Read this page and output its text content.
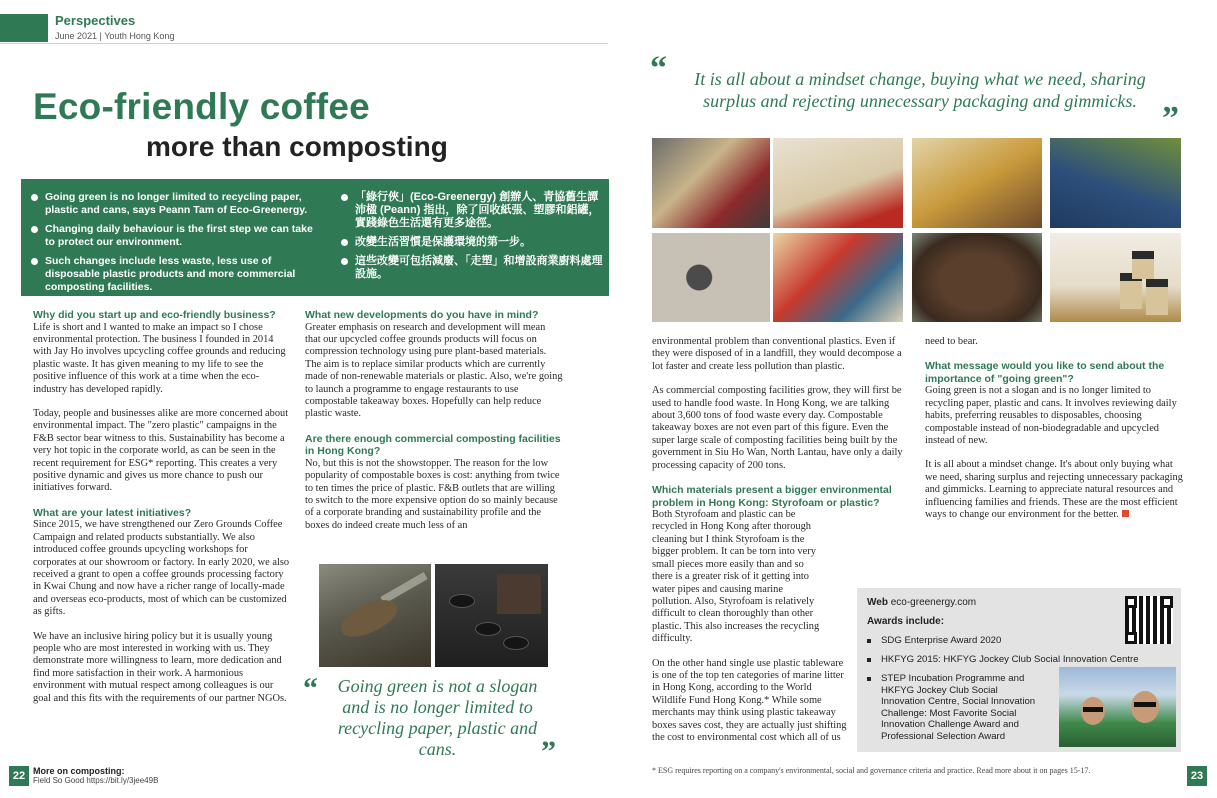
Perspectives
June 2021 | Youth Hong Kong
Eco-friendly coffee
more than composting
Going green is no longer limited to recycling paper, plastic and cans, says Peann Tam of Eco-Greenergy.
Changing daily behaviour is the first step we can take to protect our environment.
Such changes include less waste, less use of disposable plastic products and more commercial composting facilities.
「綠行俠」(Eco-Greenergy) 創辦人、青協舊生譚沛楹 (Peann) 指出，除了回收紙張、塑膠和鋁罐，實踐綠色生活還有更多途徑。
改變生活習慣是保護環境的第一步。
這些改變可包括減廢、「走塑」和增設商業廚料處理設施。
Why did you start up and eco-friendly business?

Life is short and I wanted to make an impact so I chose environmental protection. The business I founded in 2014 with Jay Ho involves upcycling coffee grounds and reducing plastic waste. It has given meaning to my life to see the positive influence of this work at a time when the eco-industry has developed rapidly.

Today, people and businesses alike are more concerned about environmental impact. The "zero plastic" campaigns in the F&B sector bear witness to this. Sustainability has become a very hot topic in the corporate world, as can be seen in the recent requirement for ESG* reporting. This creates a very positive dynamic and gives us more chance to push our initiatives forward.

What are your latest initiatives?

Since 2015, we have strengthened our Zero Grounds Coffee Campaign and related products substantially. We also introduced coffee grounds upcycling workshops for corporates at our showroom or factory. In early 2020, we also received a grant to open a coffee grounds processing factory in Kwai Chung and now have a richer range of locally-made and overseas eco-products, most of which can be customized as gifts.

We have an inclusive hiring policy but it is usually young people who are most interested in working with us. They demonstrate more willingness to learn, more dedication and find more satisfaction in their work. A harmonious environment with mutual respect among colleagues is our goal and this fits with the requirements of our partner NGOs.

What new developments do you have in mind?

Greater emphasis on research and development will mean that our upcycled coffee grounds products will focus on compression technology using pure plant-based materials. The aim is to replace similar products which are currently made of non-renewable materials or plastic. Also, we're going to launch a programme to engage restaurants to use compostable takeaway boxes. Hopefully can help reduce plastic waste.

Are there enough commercial composting facilities in Hong Kong?

No, but this is not the showstopper. The reason for the low popularity of compostable boxes is cost: anything from twice to ten times the price of plastic. F&B outlets that are willing to switch to the more expensive option do so mainly because of a corporate branding and sustainability profile and the boxes do indeed create much less of an

“	Going green is not a slogan and is no longer limited to recycling paper, plastic and cans.	”
“	It is all about a mindset change, buying what we need, sharing surplus and rejecting unnecessary packaging and gimmicks. ”

environmental problem than conventional plastics. Even if they were disposed of in a landfill, they would decompose a lot faster and create less pollution than plastic.

As commercial composting facilities grow, they will first be used to handle food waste. In Hong Kong, we are talking about 3,600 tons of food waste every day. Compostable takeaway boxes are not even part of this figure. Even the super large scale of composting facilities being built by the government in Siu Ho Wan, North Lantau, have only a daily processing capacity of 200 tons.

Which materials present a bigger environmental problem in Hong Kong: Styrofoam or plastic?

Both Styrofoam and plastic can be recycled in Hong Kong after thorough cleaning but I think Styrofoam is the bigger problem. It can be torn into very small pieces more easily than and so there is a greater risk of it getting into water pipes and causing marine pollution. Also, Styrofoam is relatively difficult to clean thoroughly than other plastic. This also increases the recycling difficulty.

On the other hand single use plastic tableware is one of the top ten categories of marine litter in Hong Kong, according to the World Wildlife Fund Hong Kong.* While some merchants may think using plastic takeaway boxes saves cost, they are actually just shifting the cost to environmental cost which all of us

need to bear.

What message would you like to send about the importance of "going green"?

Going green is not a slogan and is no longer limited to recycling paper, plastic and cans. It involves reviewing daily habits, preferring reusables to disposables, choosing compostable instead of non-biodegradable and upcycled instead of new.

It is all about a mindset change. It's about only buying what we need, sharing surplus and rejecting unnecessary packaging and gimmicks. Learning to appreciate natural resources and influencing families and friends. These are the most efficient ways to change our environment for the better.

Web eco-greenergy.com
Awards include:
SDG Enterprise Award 2020
HKFYG 2015: HKFYG Jockey Club Social Innovation Centre
STEP Incubation Programme and HKFYG Jockey Club Social Innovation Centre, Social Innovation Challenge: Most Favorite Social Innovation Challenge Award and Professional Selection Award
22 More on composting:
Field So Good https://bit.ly/3jee49B
* ESG requires reporting on a company's environmental, social and governance criteria and practice. Read more about it on pages 15-17.	23
